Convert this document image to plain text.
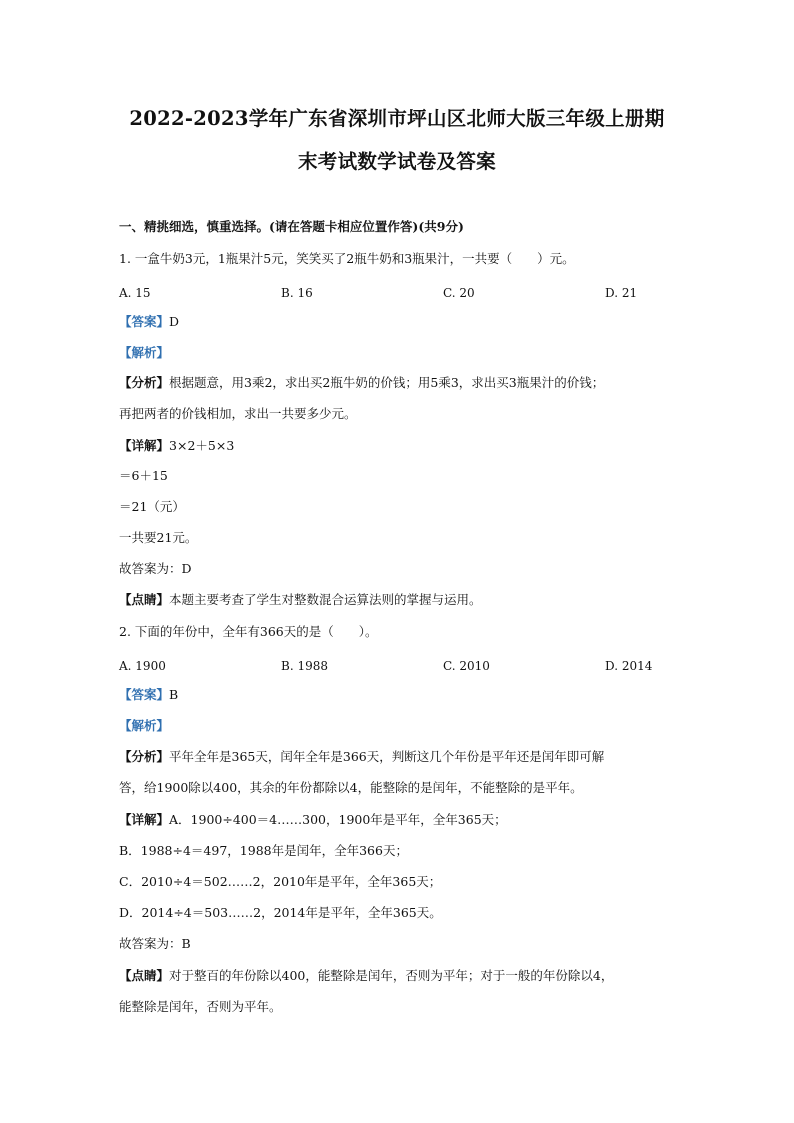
2022-2023学年广东省深圳市坪山区北师大版三年级上册期
末考试数学试卷及答案
一、精挑细选，慎重选择。(请在答题卡相应位置作答)(共9分)
1. 一盒牛奶3元，1瓶果汁5元，笑笑买了2瓶牛奶和3瓶果汁，一共要（　　）元。
A. 15	B. 16	C. 20	D. 21
【答案】D
【解析】
【分析】根据题意，用3乘2，求出买2瓶牛奶的价钱；用5乘3，求出买3瓶果汁的价钱；
再把两者的价钱相加，求出一共要多少元。
【详解】3×2＋5×3
＝6＋15
＝21（元）
一共要21元。
故答案为：D
【点睛】本题主要考查了学生对整数混合运算法则的掌握与运用。
2. 下面的年份中，全年有366天的是（　　）。
A. 1900	B. 1988	C. 2010	D. 2014
【答案】B
【解析】
【分析】平年全年是365天，闰年全年是366天，判断这几个年份是平年还是闰年即可解
答，给1900除以400，其余的年份都除以4，能整除的是闰年，不能整除的是平年。
【详解】A．1900÷400＝4……300，1900年是平年，全年365天；
B．1988÷4＝497，1988年是闰年，全年366天；
C．2010÷4＝502……2，2010年是平年，全年365天；
D．2014÷4＝503……2，2014年是平年，全年365天。
故答案为：B
【点睛】对于整百的年份除以400，能整除是闰年，否则为平年；对于一般的年份除以4，
能整除是闰年，否则为平年。
